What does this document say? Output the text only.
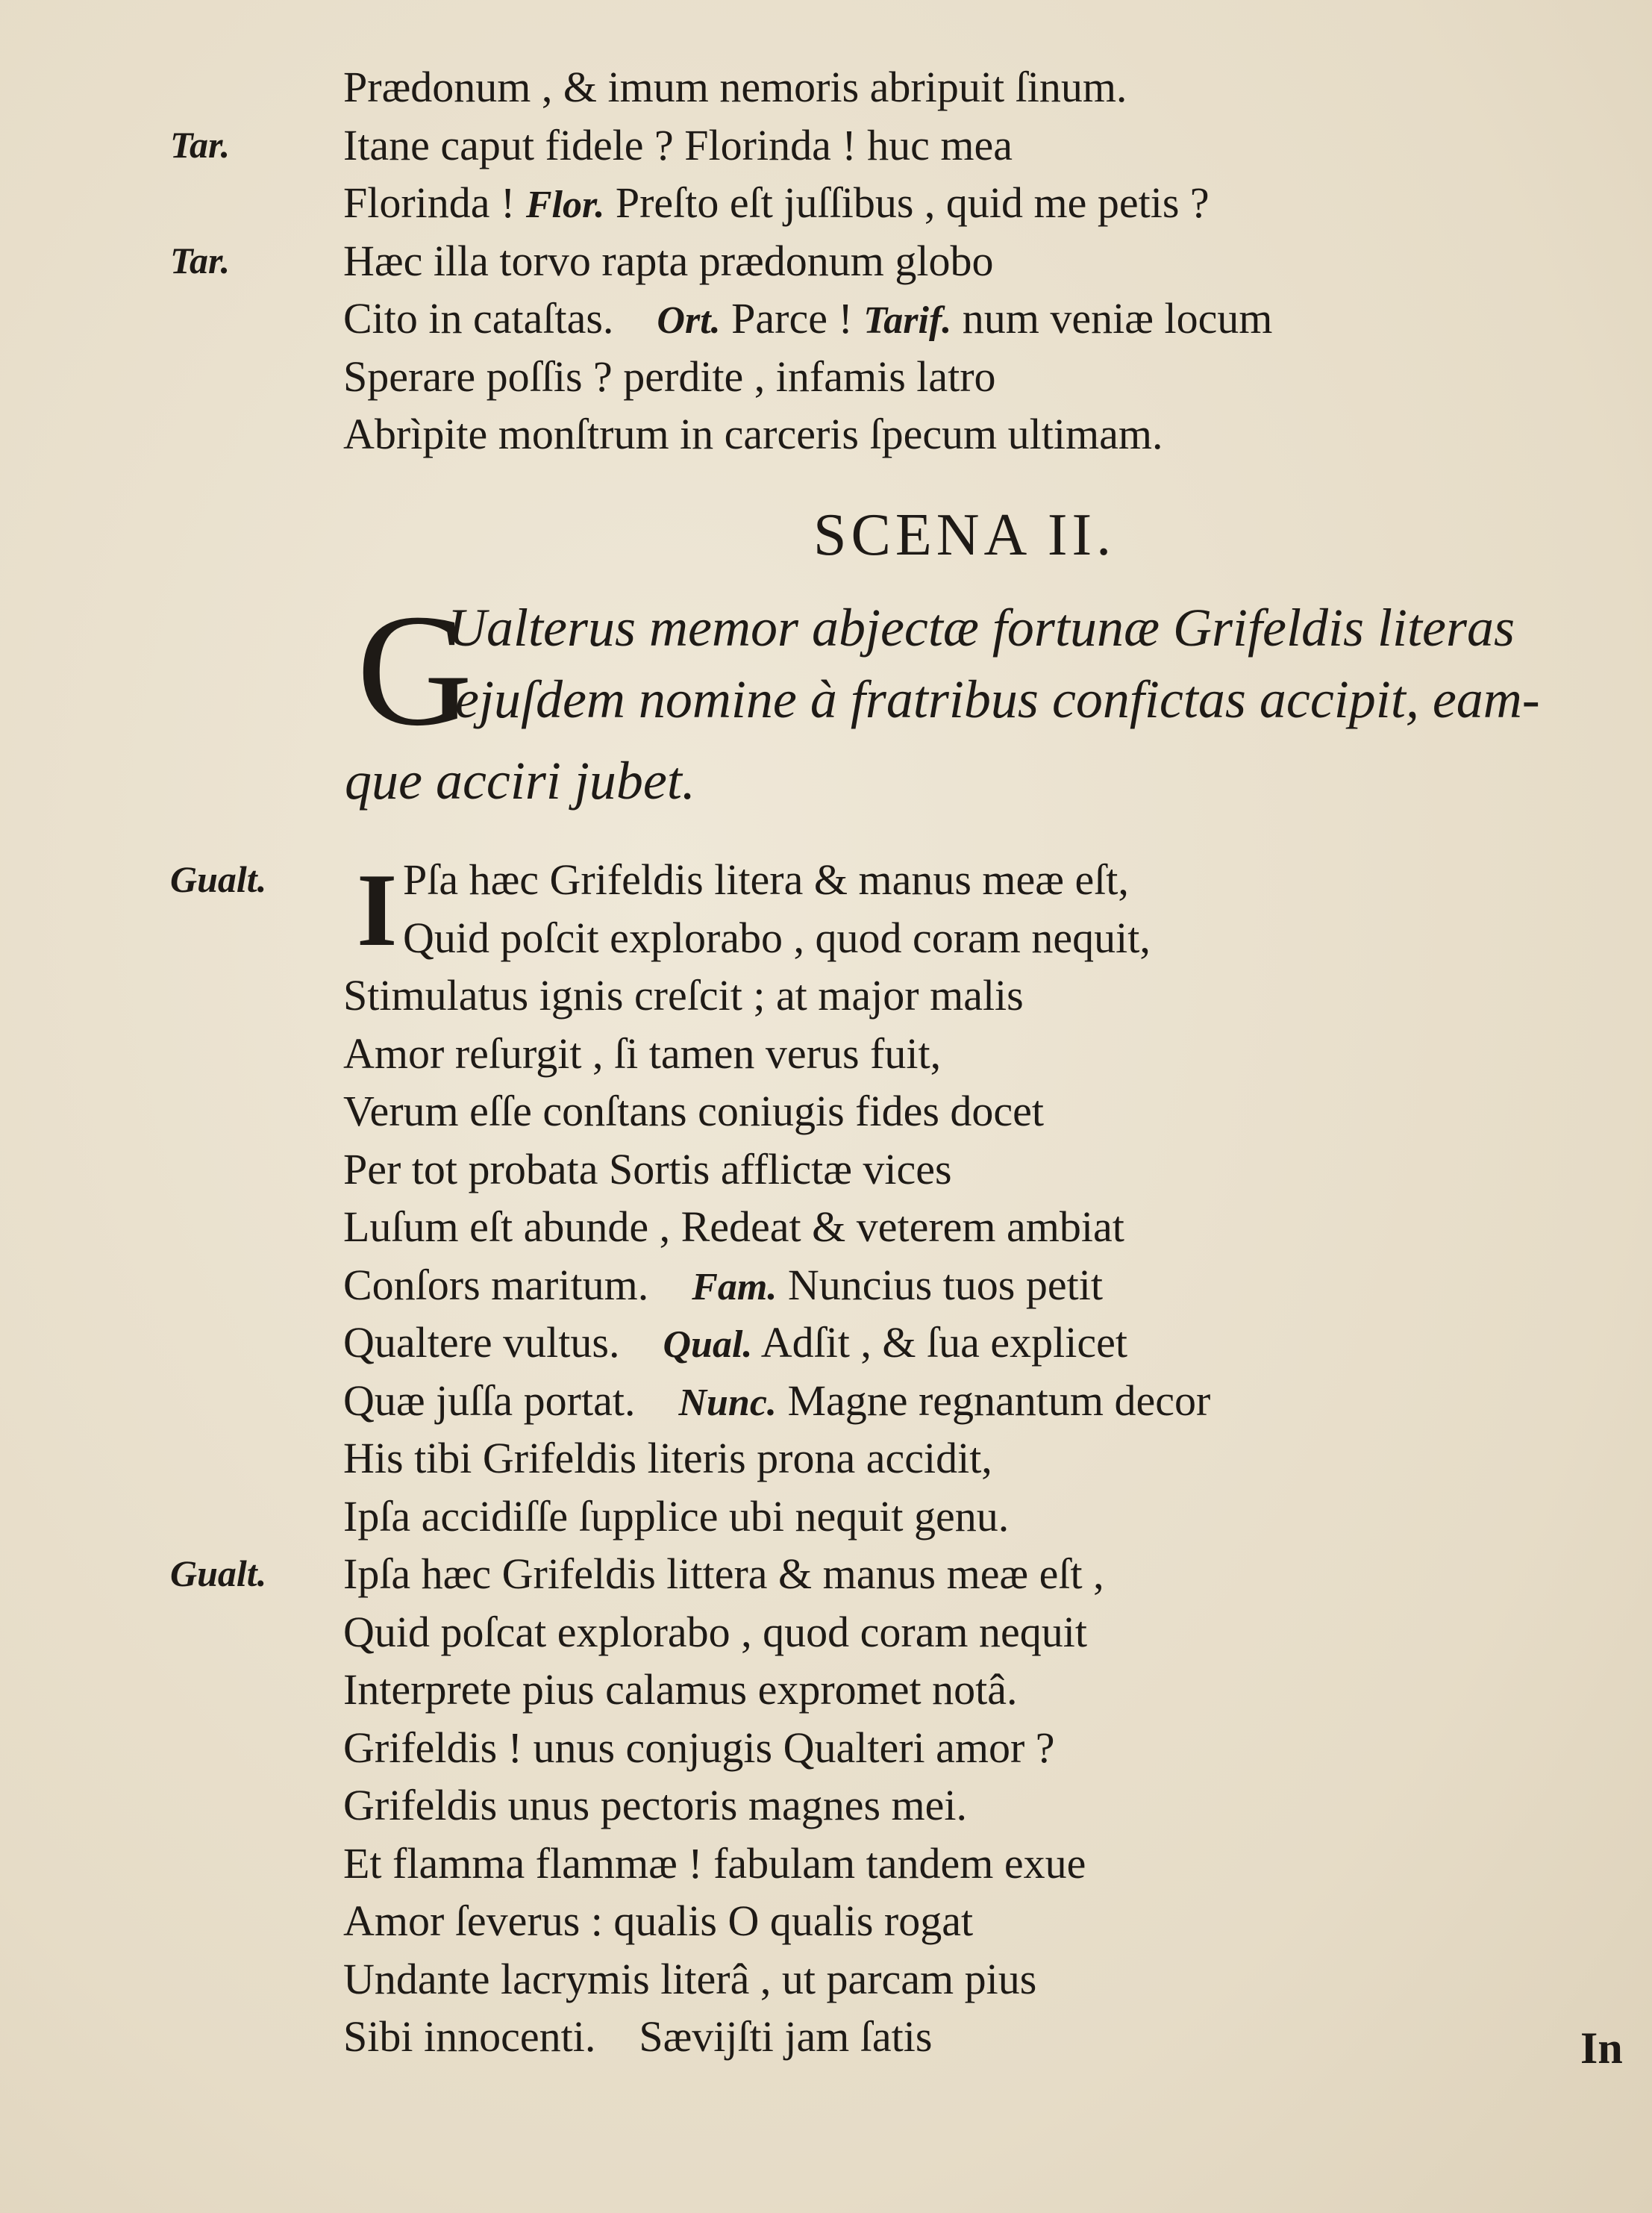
Prædonum , & imum nemoris abripuit ſinum.
Tar.	Itane caput fidele ? Florinda ! huc mea
Florinda ! Flor. Preſto eſt juſſibus , quid me petis ?
Tar.	Hæc illa torvo rapta prædonum globo
Cito in cataſtas.    Ort. Parce ! Tarif. num veniæ locum
Sperare poſſis ? perdite , infamis latro
Abrìpite monſtrum in carceris ſpecum ultimam.
SCENA II.
G
Ualterus memor abjectæ fortunæ Grifeldis literas
ejuſdem nomine à fratribus confictas accipit, eam-
que acciri jubet.
I
Gualt.	Pſa hæc Grifeldis litera & manus meæ eſt,
Quid poſcit explorabo , quod coram nequit,
Stimulatus ignis creſcit ; at major malis
Amor reſurgit , ſi tamen verus fuit,
Verum eſſe conſtans coniugis fides docet
Per tot probata Sortis afflictæ vices
Luſum eſt abunde , Redeat & veterem ambiat
Conſors maritum.    Fam. Nuncius tuos petit
Qualtere vultus.    Qual. Adſit , & ſua explicet
Quæ juſſa portat.    Nunc. Magne regnantum decor
His tibi Grifeldis literis prona accidit,
Ipſa accidiſſe ſupplice ubi nequit genu.
Gualt. Ipſa hæc Grifeldis littera & manus meæ eſt ,
Quid poſcat explorabo , quod coram nequit
Interprete pius calamus expromet notâ.
Grifeldis ! unus conjugis Qualteri amor ?
Grifeldis unus pectoris magnes mei.
Et flamma flammæ ! fabulam tandem exue
Amor ſeverus : qualis O qualis rogat
Undante lacrymis literâ , ut parcam pius
Sibi innocenti.    Sævijſti jam ſatis	In
